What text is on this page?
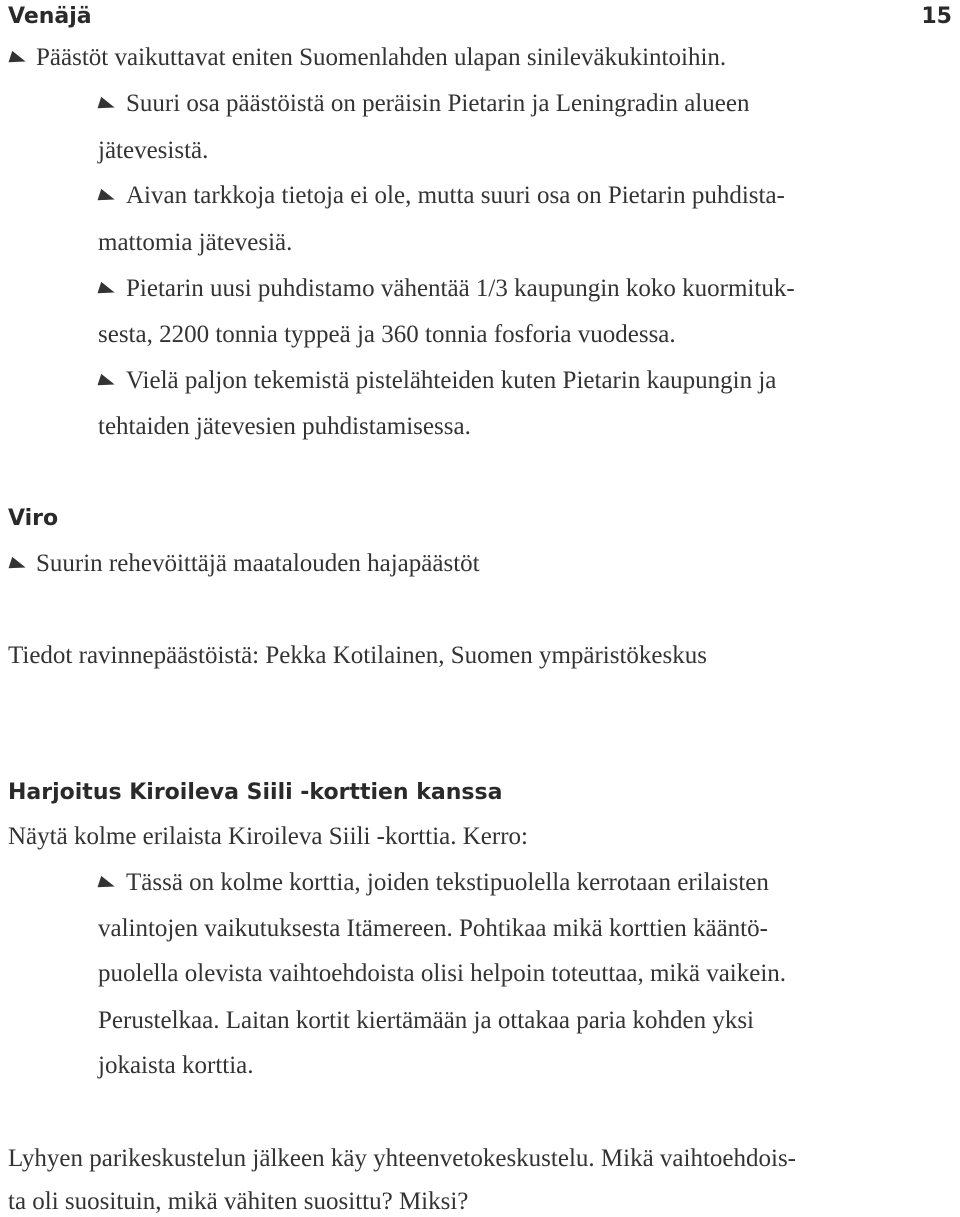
Venäjä	15
Päästöt vaikuttavat eniten Suomenlahden ulapan sinileväkukintoihin.
Suuri osa päästöistä on peräisin Pietarin ja Leningradin alueen
jätevesistä.
Aivan tarkkoja tietoja ei ole, mutta suuri osa on Pietarin puhdista-
mattomia jätevesiä.
Pietarin uusi puhdistamo vähentää 1/3 kaupungin koko kuormituk-
sesta, 2200 tonnia typpeä ja 360 tonnia fosforia vuodessa.
Vielä paljon tekemistä pistelähteiden kuten Pietarin kaupungin ja
tehtaiden jätevesien puhdistamisessa.
Viro
Suurin rehevöittäjä maatalouden hajapäästöt
Tiedot ravinnepäästöistä: Pekka Kotilainen, Suomen ympäristökeskus
Harjoitus Kiroileva Siili -korttien kanssa
Näytä kolme erilaista Kiroileva Siili -korttia. Kerro:
Tässä on kolme korttia, joiden tekstipuolella kerrotaan erilaisten
valintojen vaikutuksesta Itämereen. Pohtikaa mikä korttien kääntö-
puolella olevista vaihtoehdoista olisi helpoin toteuttaa, mikä vaikein.
Perustelkaa. Laitan kortit kiertämään ja ottakaa paria kohden yksi
jokaista korttia.
Lyhyen parikeskustelun jälkeen käy yhteenvetokeskustelu. Mikä vaihtoehdois-
ta oli suosituin, mikä vähiten suosittu? Miksi?
